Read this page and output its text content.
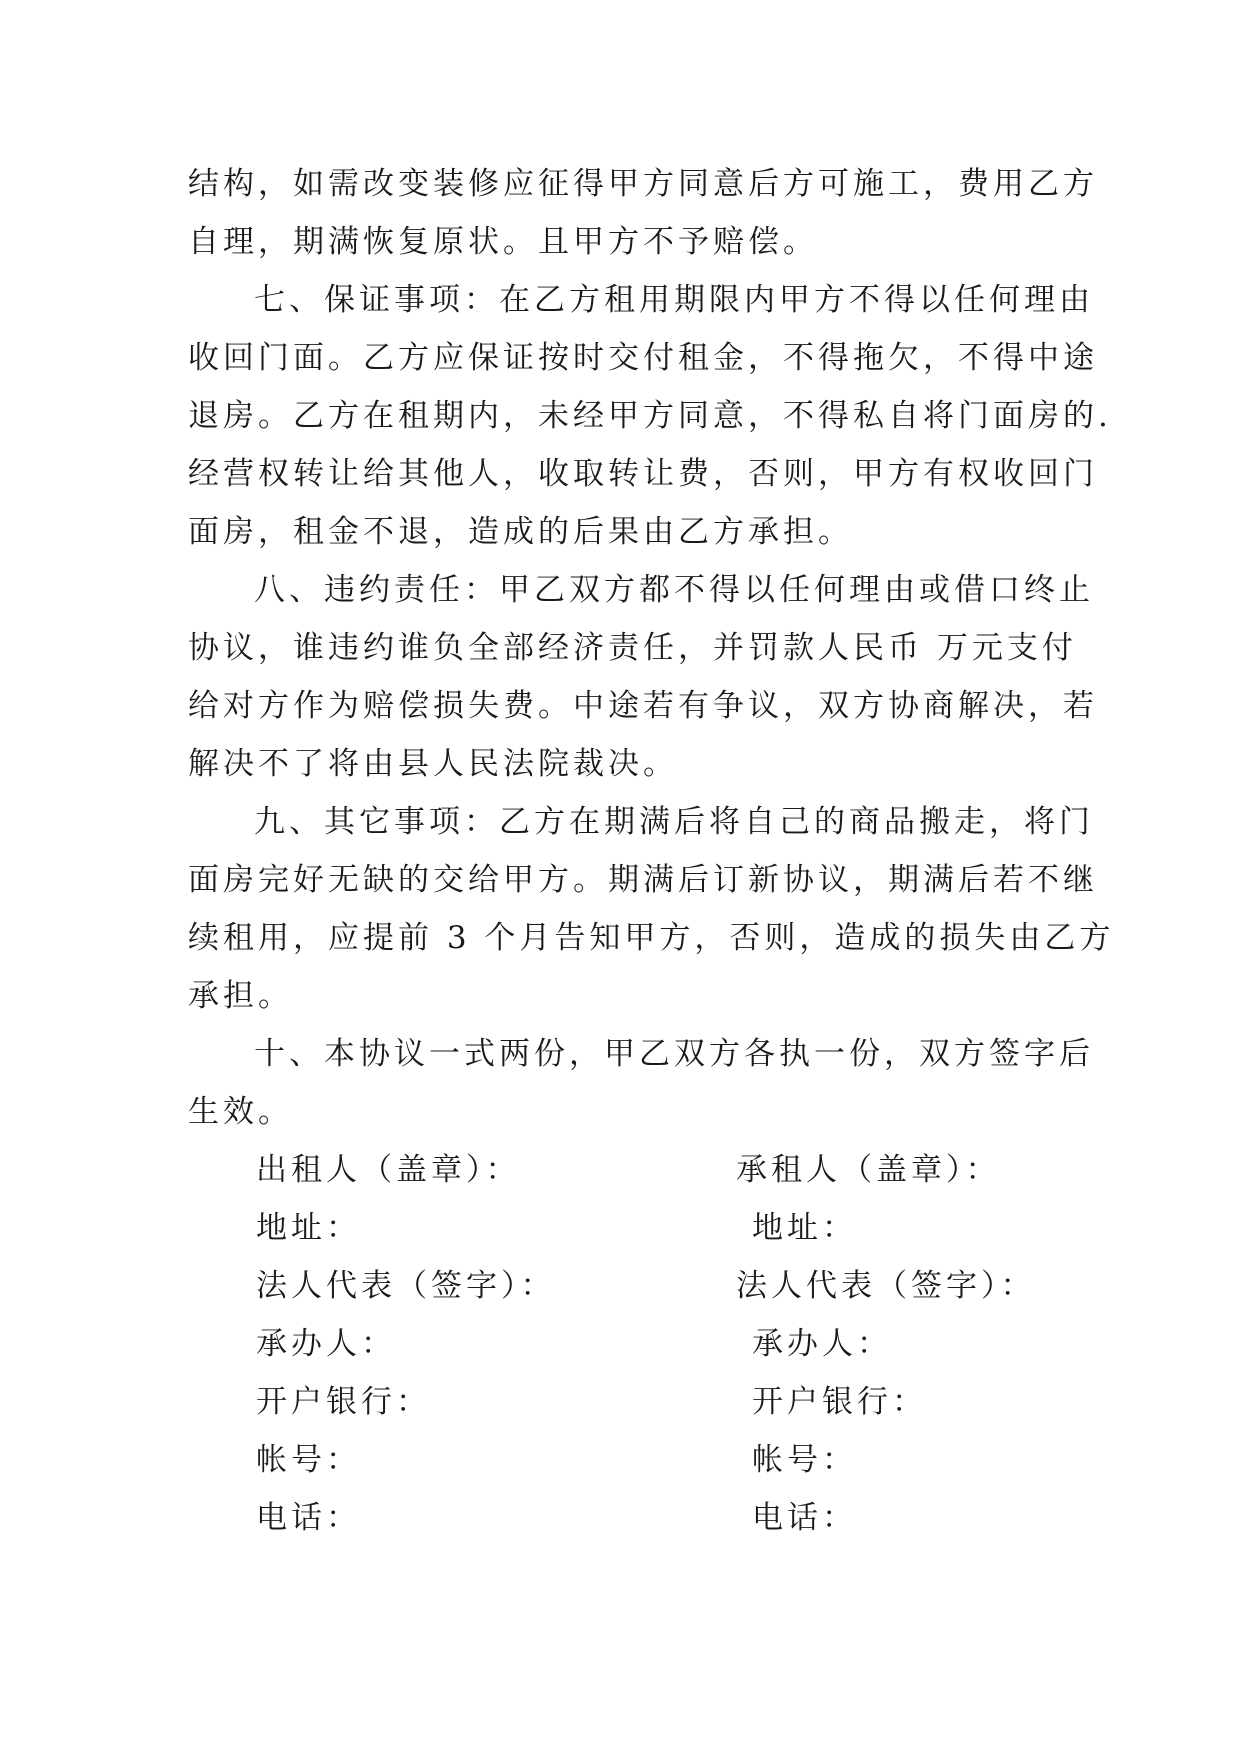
结构，如需改变装修应征得甲方同意后方可施工，费用乙方
自理，期满恢复原状。且甲方不予赔偿。
七、保证事项：在乙方租用期限内甲方不得以任何理由
收回门面。乙方应保证按时交付租金，不得拖欠，不得中途
退房。乙方在租期内，未经甲方同意，不得私自将门面房的.
经营权转让给其他人，收取转让费，否则，甲方有权收回门
面房，租金不退，造成的后果由乙方承担。
八、违约责任：甲乙双方都不得以任何理由或借口终止
协议，谁违约谁负全部经济责任，并罚款人民币 万元支付
给对方作为赔偿损失费。中途若有争议，双方协商解决，若
解决不了将由县人民法院裁决。
九、其它事项：乙方在期满后将自己的商品搬走，将门
面房完好无缺的交给甲方。期满后订新协议，期满后若不继
续租用，应提前 3 个月告知甲方，否则，造成的损失由乙方
承担。
十、本协议一式两份，甲乙双方各执一份，双方签字后
生效。
出租人（盖章）：
地址：
法人代表（签字）：
承办人：
开户银行：
帐号：
电话：
承租人（盖章）：
地址：
法人代表（签字）：
承办人：
开户银行：
帐号：
电话：
